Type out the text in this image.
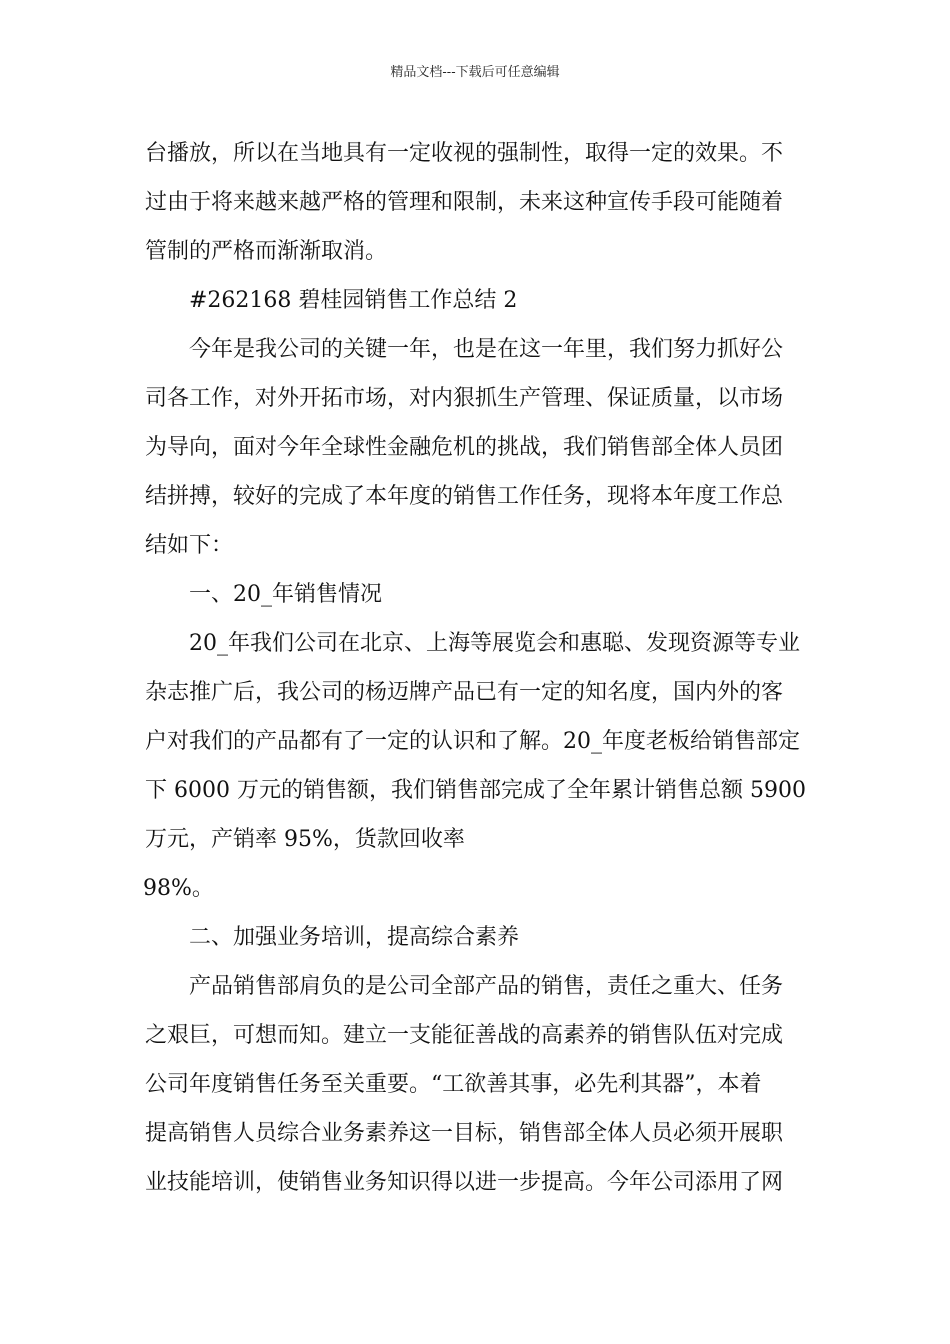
精品文档---下载后可任意编辑
台播放，所以在当地具有一定收视的强制性，取得一定的效果。不
过由于将来越来越严格的管理和限制，未来这种宣传手段可能随着
管制的严格而渐渐取消。
#262168 碧桂园销售工作总结 2
今年是我公司的关键一年，也是在这一年里，我们努力抓好公
司各工作，对外开拓市场，对内狠抓生产管理、保证质量，以市场
为导向，面对今年全球性金融危机的挑战，我们销售部全体人员团
结拼搏，较好的完成了本年度的销售工作任务，现将本年度工作总
结如下：
一、20_年销售情况
20_年我们公司在北京、上海等展览会和惠聪、发现资源等专业
杂志推广后，我公司的杨迈牌产品已有一定的知名度，国内外的客
户对我们的产品都有了一定的认识和了解。20_年度老板给销售部定
下 6000 万元的销售额，我们销售部完成了全年累计销售总额 5900
万元，产销率 95%，货款回收率
98%。
二、加强业务培训，提高综合素养
产品销售部肩负的是公司全部产品的销售，责任之重大、任务
之艰巨，可想而知。建立一支能征善战的高素养的销售队伍对完成
公司年度销售任务至关重要。“工欲善其事，必先利其器”，本着
提高销售人员综合业务素养这一目标，销售部全体人员必须开展职
业技能培训，使销售业务知识得以进一步提高。今年公司添用了网
